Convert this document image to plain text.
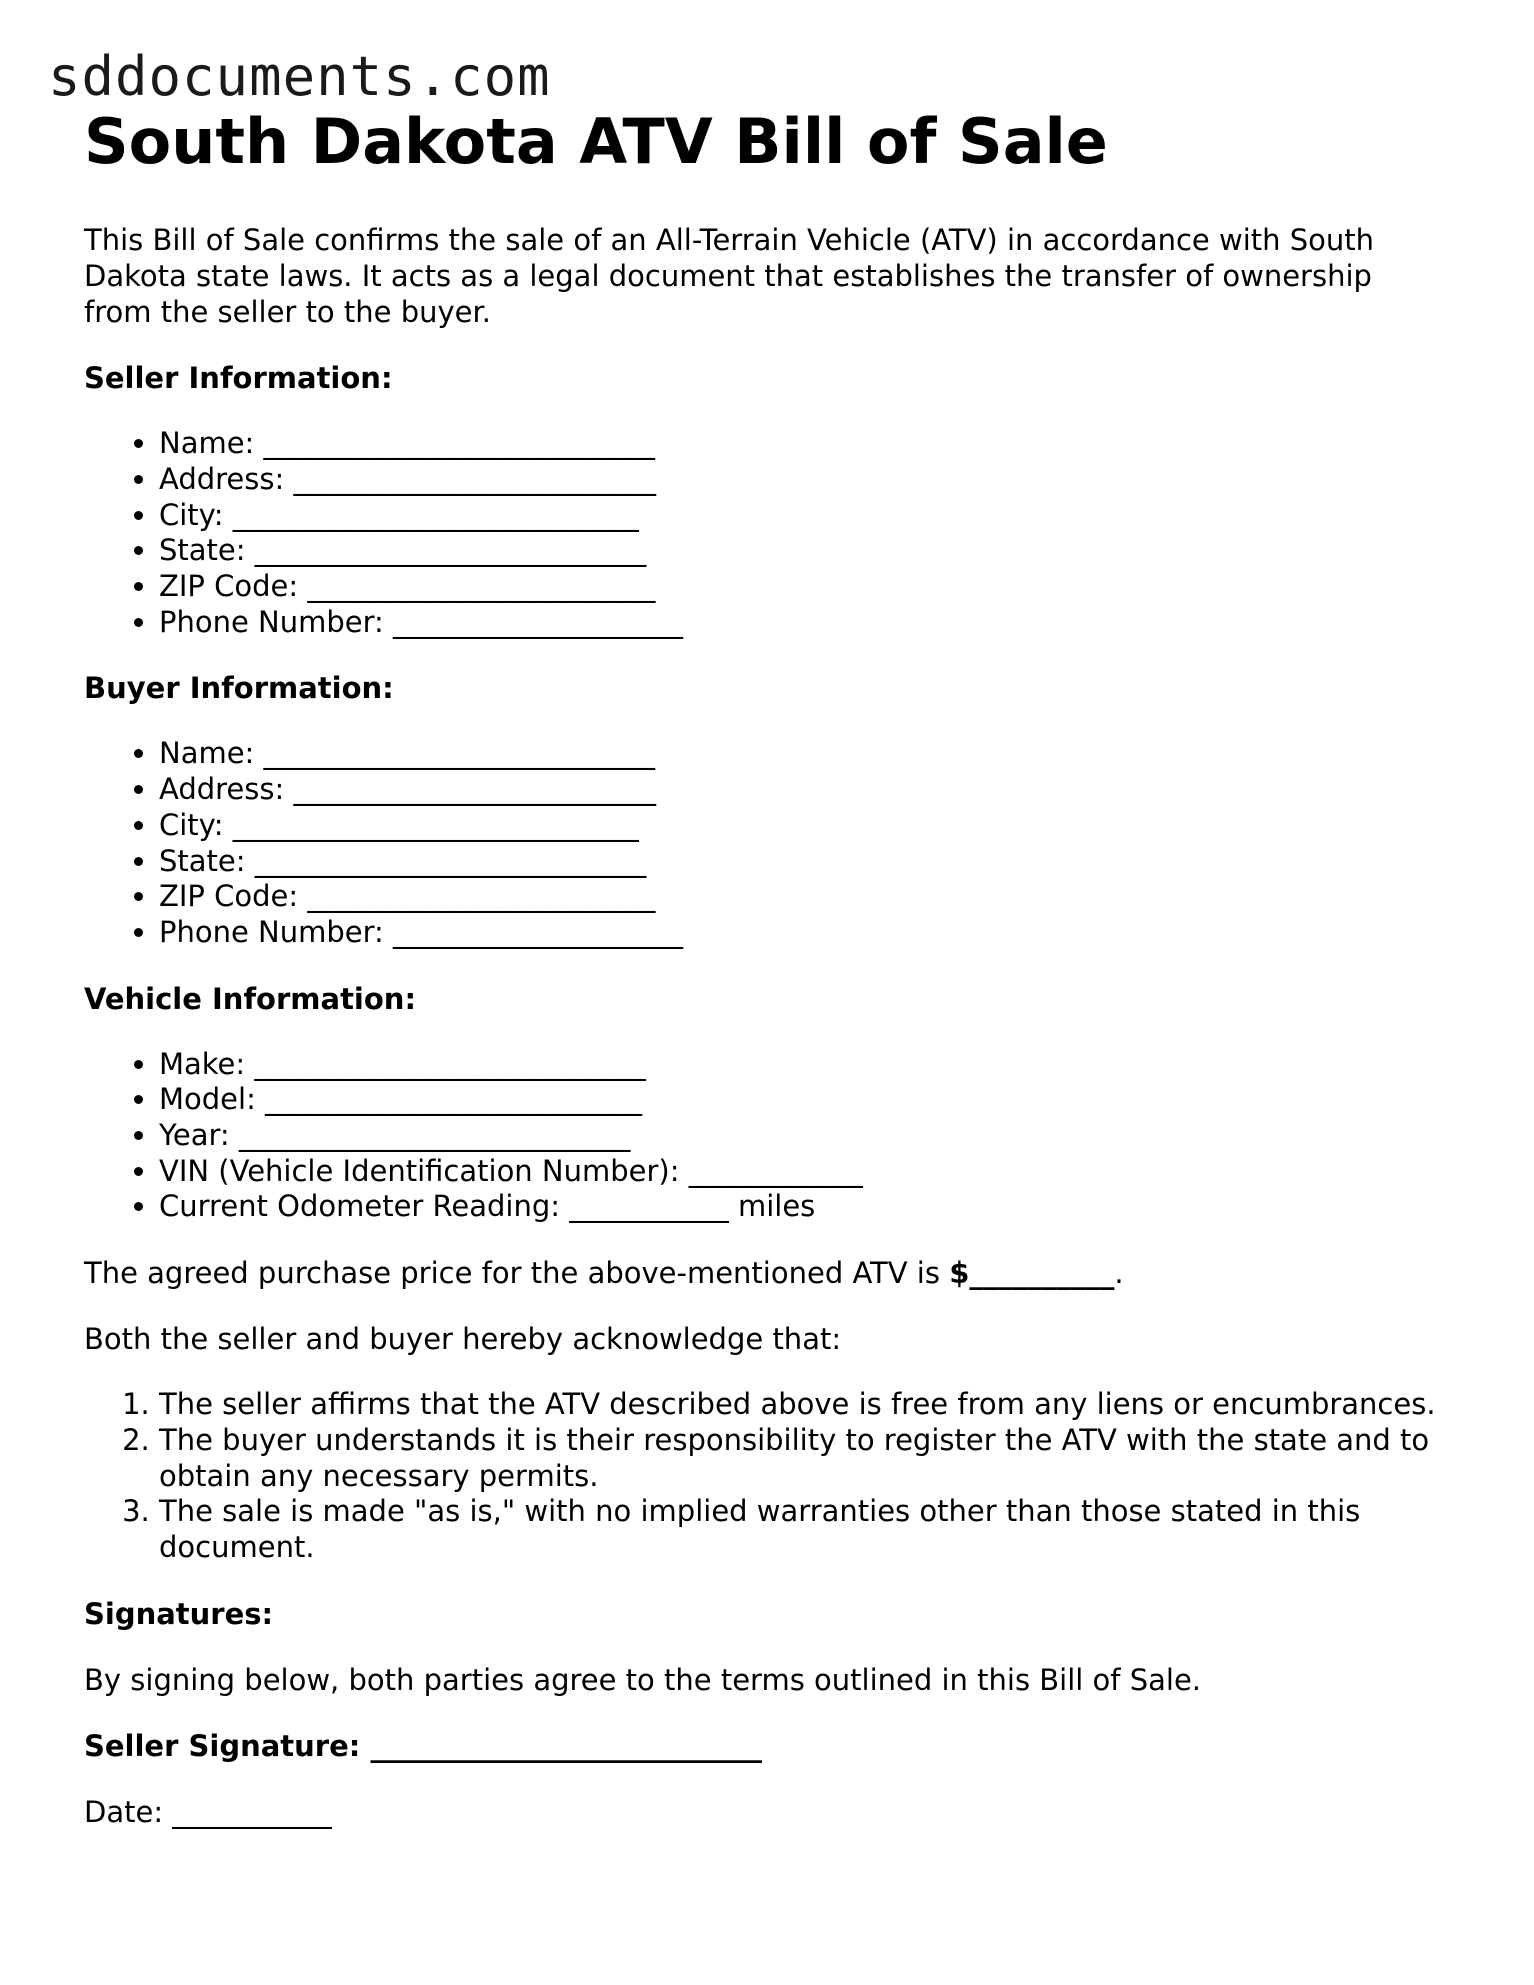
sddocuments.com
South Dakota ATV Bill of Sale

This Bill of Sale confirms the sale of an All-Terrain Vehicle (ATV) in accordance with South Dakota state laws. It acts as a legal document that establishes the transfer of ownership from the seller to the buyer.

Seller Information:
• Name: ___________________________
• Address: _________________________
• City: ____________________________
• State: ___________________________
• ZIP Code: ________________________
• Phone Number: ____________________
Buyer Information:
• Name: ___________________________
• Address: _________________________
• City: ____________________________
• State: ___________________________
• ZIP Code: ________________________
• Phone Number: ____________________
Vehicle Information:
• Make: ___________________________
• Model: __________________________
• Year: ___________________________
• VIN (Vehicle Identification Number): ____________
• Current Odometer Reading: ___________ miles

The agreed purchase price for the above-mentioned ATV is $__________.

Both the seller and buyer hereby acknowledge that:

1. The seller affirms that the ATV described above is free from any liens or encumbrances.
2. The buyer understands it is their responsibility to register the ATV with the state and to obtain any necessary permits.
3. The sale is made "as is," with no implied warranties other than those stated in this document.
Signatures:

By signing below, both parties agree to the terms outlined in this Bill of Sale.

Seller Signature: ___________________________

Date: ___________
